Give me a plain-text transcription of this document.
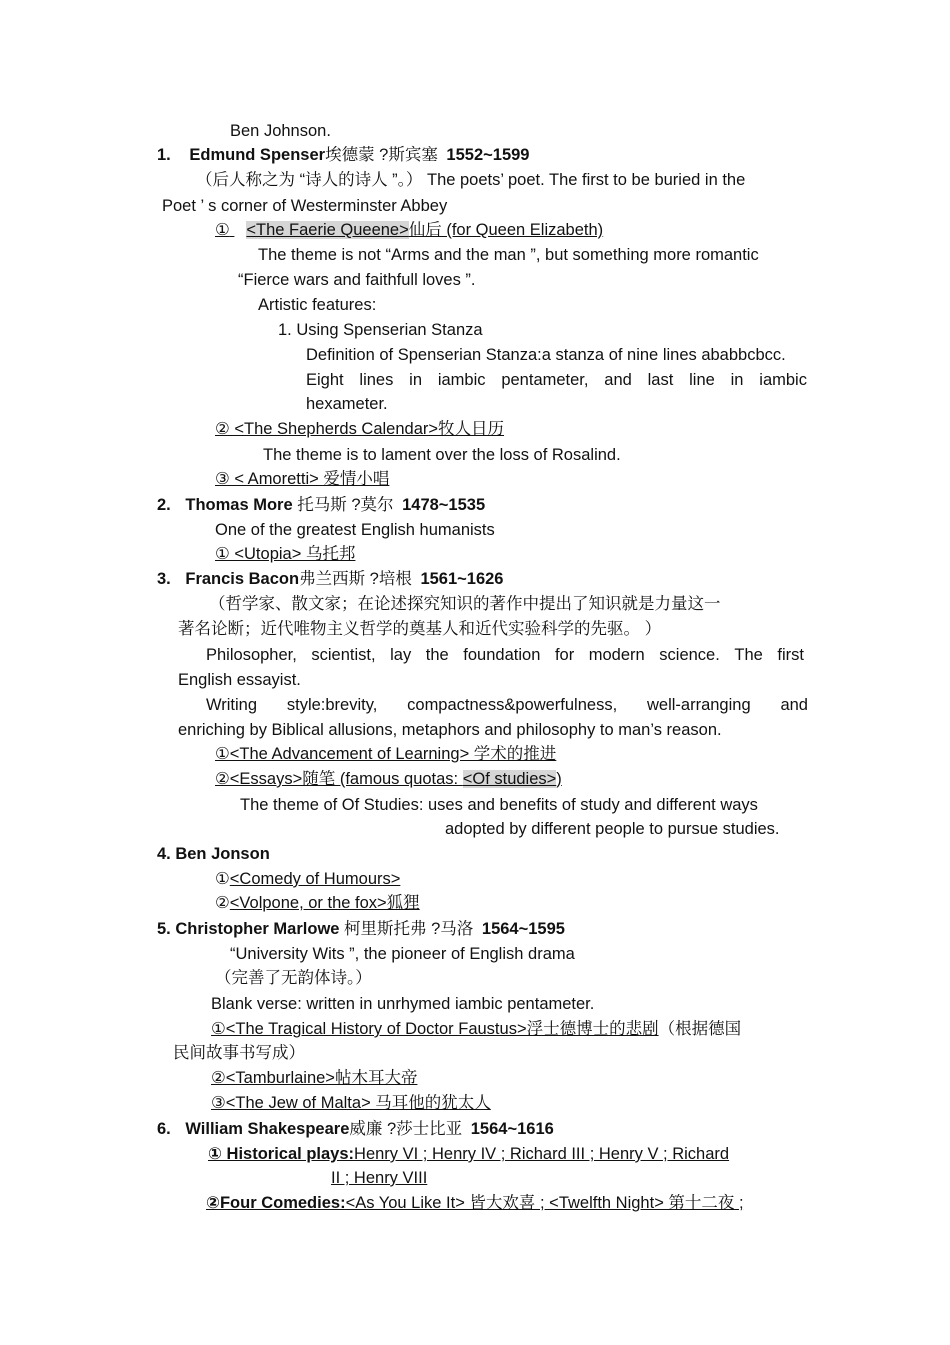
Ben Johnson.
1. Edmund Spenser埃德蒙 ?斯宾塞 1552~1599
（后人称之为 “诗人的诗人 ”。） The poets’ poet. The first to be buried in the
Poet ’ s corner of Westerminster Abbey
① <The Faerie Queene>仙后 (for Queen Elizabeth)
The theme is not “Arms and the man ”, but something more romantic
“Fierce wars and faithfull loves ”.
Artistic features:
1. Using Spenserian Stanza
Definition of Spenserian Stanza:a stanza of nine lines ababbcbcc.
Eight lines in iambic pentameter, and last line in iambic
hexameter.
② <The Shepherds Calendar>牧人日历
The theme is to lament over the loss of Rosalind.
③ < Amoretti> 爱情小唱
2. Thomas More 托马斯 ?莫尔 1478~1535
One of the greatest English humanists
① <Utopia> 乌托邦
3. Francis Bacon弗兰西斯 ?培根 1561~1626
（哲学家、散文家；在论述探究知识的著作中提出了知识就是力量这一
著名论断；近代唯物主义哲学的奠基人和近代实验科学的先驱。 ）
Philosopher, scientist, lay the foundation for modern science. The first
English essayist.
Writing style:brevity, compactness&powerfulness, well-arranging and
enriching by Biblical allusions, metaphors and philosophy to man’s reason.
①<The Advancement of Learning> 学术的推进
②<Essays>随笔 (famous quotas: <Of studies>)
The theme of Of Studies: uses and benefits of study and different ways
adopted by different people to pursue studies.
4. Ben Jonson
①<Comedy of Humours>
②<Volpone, or the fox>狐狸
5. Christopher Marlowe 柯里斯托弗 ?马洛 1564~1595
“University Wits ”, the pioneer of English drama
（完善了无韵体诗。）
Blank verse: written in unrhymed iambic pentameter.
①<The Tragical History of Doctor Faustus>浮士德博士的悲剧（根据德国
民间故事书写成）
②<Tamburlaine>帖木耳大帝
③<The Jew of Malta> 马耳他的犹太人
6. William Shakespeare威廉 ?莎士比亚 1564~1616
① Historical plays:Henry VI ; Henry IV ; Richard III ; Henry V ; Richard
II ; Henry VIII
②Four Comedies:<As You Like It> 皆大欢喜 ; <Twelfth Night> 第十二夜 ;
